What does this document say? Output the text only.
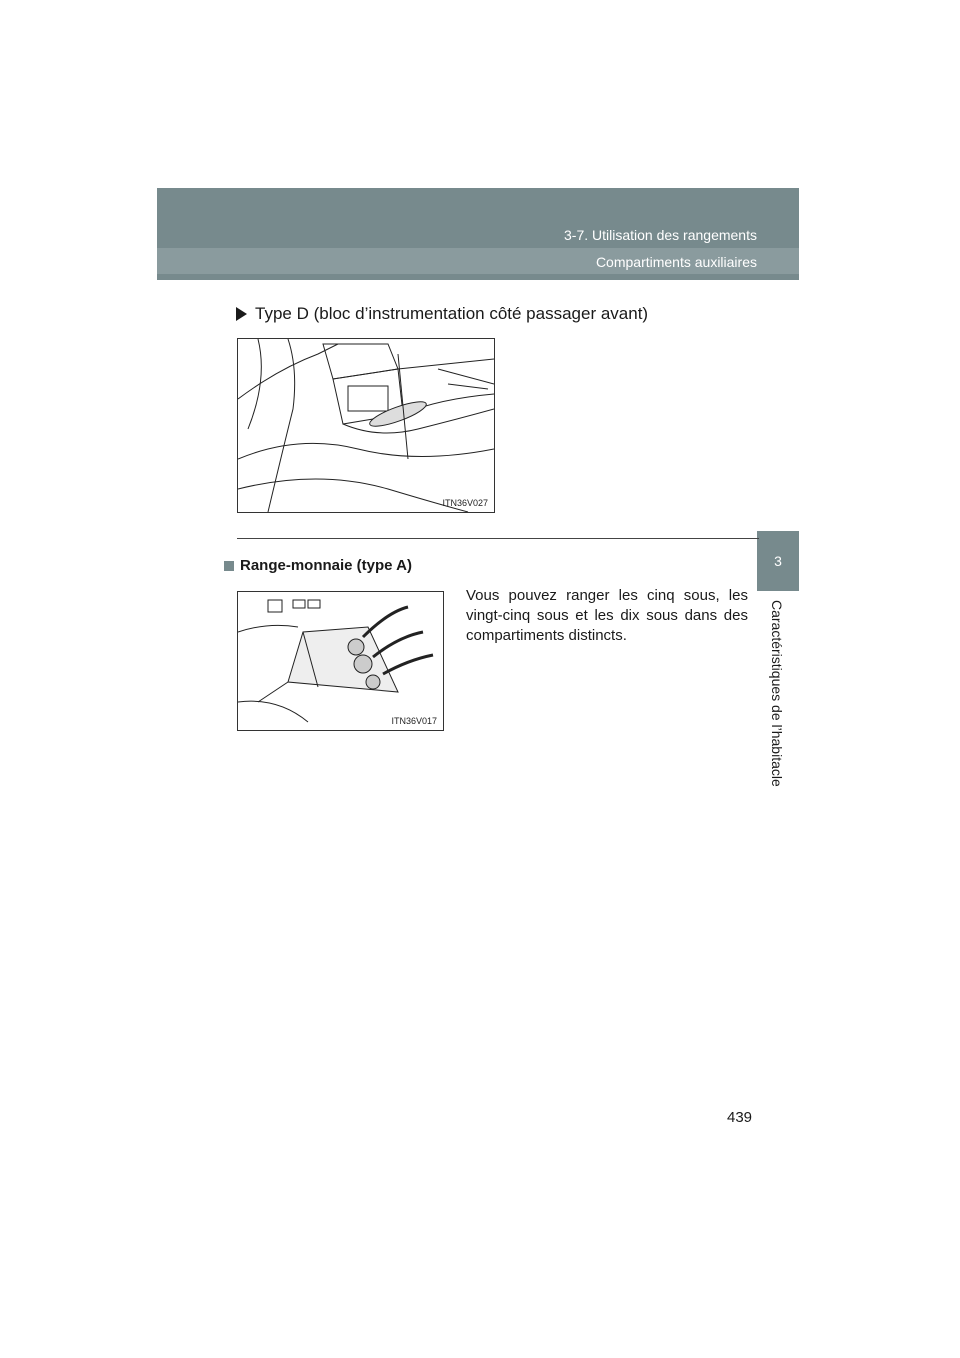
3-7. Utilisation des rangements
Compartiments auxiliaires
3
Caractéristiques de l’habitacle
Type D (bloc d’instrumentation côté passager avant)
ITN36V027
Range-monnaie (type A)
ITN36V017
Vous pouvez ranger les cinq sous, les vingt-cinq sous et les dix sous dans des compartiments distincts.
439
